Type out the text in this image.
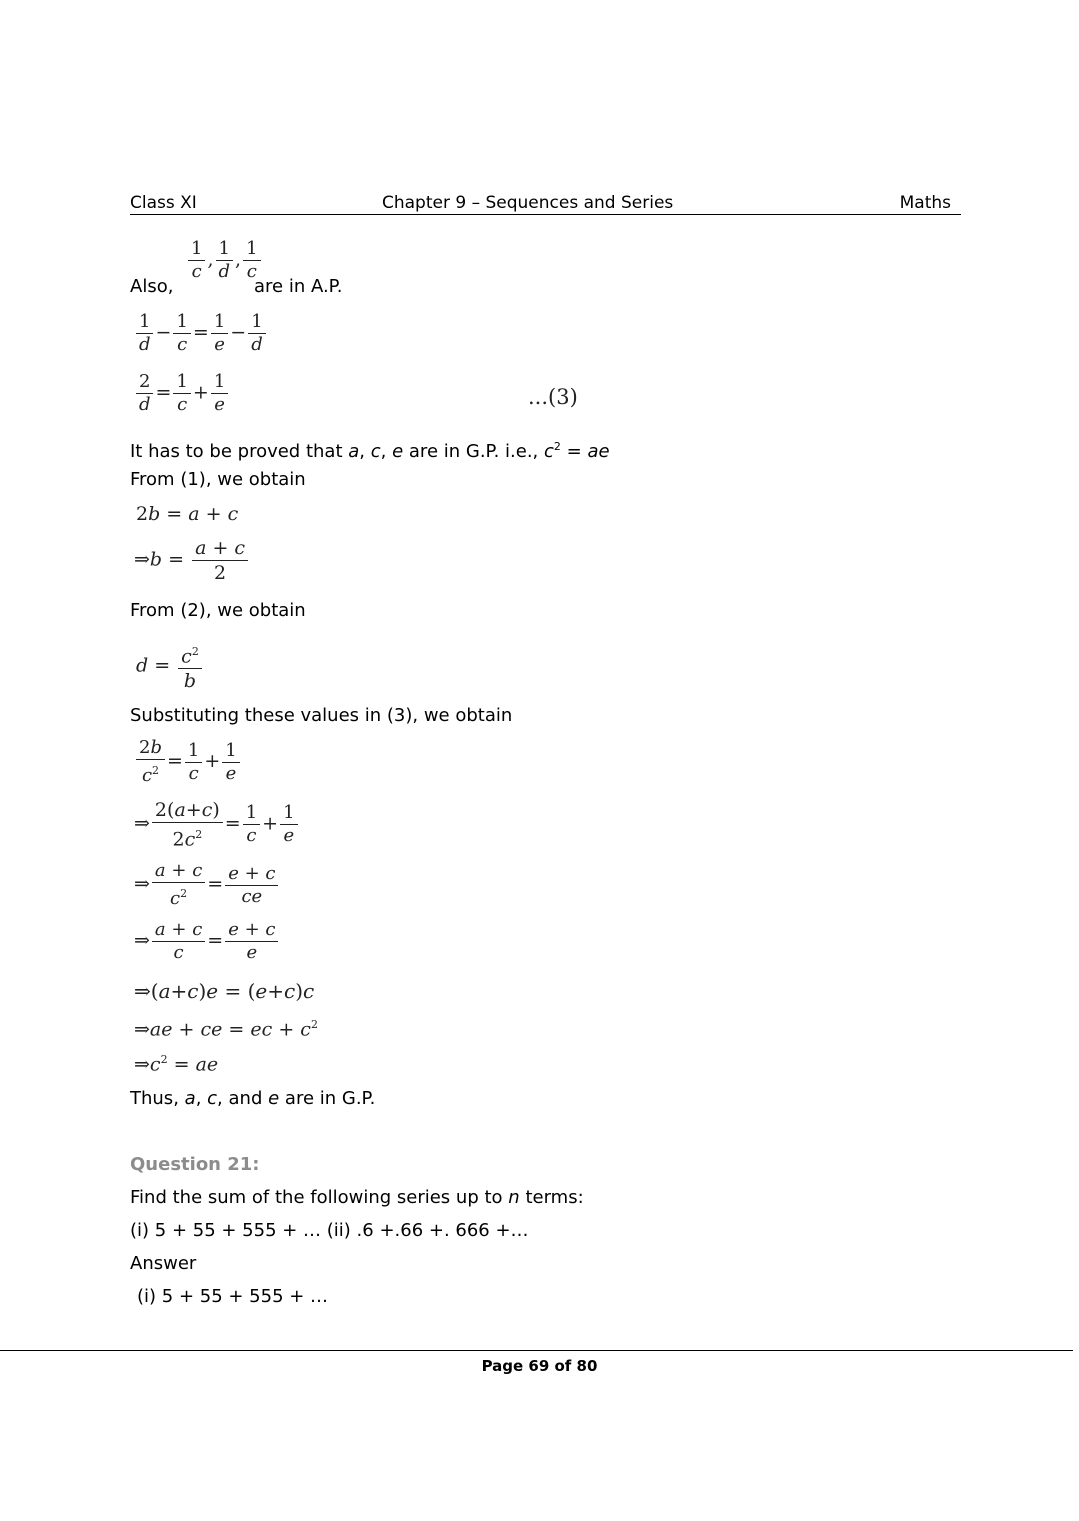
Class XI	Chapter 9 – Sequences and Series	Maths
Also,
$\frac{1}{c}$ , $\frac{1}{d}$ , $\frac{1}{c}$
are in A.P.
$\frac{1}{d} - \frac{1}{c} = \frac{1}{e} - \frac{1}{d}$
$\frac{2}{d} = \frac{1}{c} + \frac{1}{e}$	...(3)
It has to be proved that a, c, e are in G.P. i.e., $c^2$ = ae
From (1), we obtain
2b = a + c
⇒b = $\frac{a + c}{2}$
From (2), we obtain
$d = \frac{c^2}{b}$
Substituting these values in (3), we obtain
$\frac{2b}{c^2} = \frac{1}{c} + \frac{1}{e}$
⇒ $\frac{2(a+c)}{2c^2} = \frac{1}{c} + \frac{1}{e}$
⇒ $\frac{a + c}{c^2} = \frac{e + c}{ce}$
⇒ $\frac{a + c}{c} = \frac{e + c}{e}$
⇒(a+c)e = (e+c)c
⇒ae + ce = ec + $c^2$
$\Rightarrow c^2$ = ae
Thus, a, c, and e are in G.P.
Question 21:
Find the sum of the following series up to n terms:
(i) 5 + 55 + 555 + … (ii) .6 +.66 +. 666 +…
Answer
(i) 5 + 55 + 555 + …
Page 69 of 80
